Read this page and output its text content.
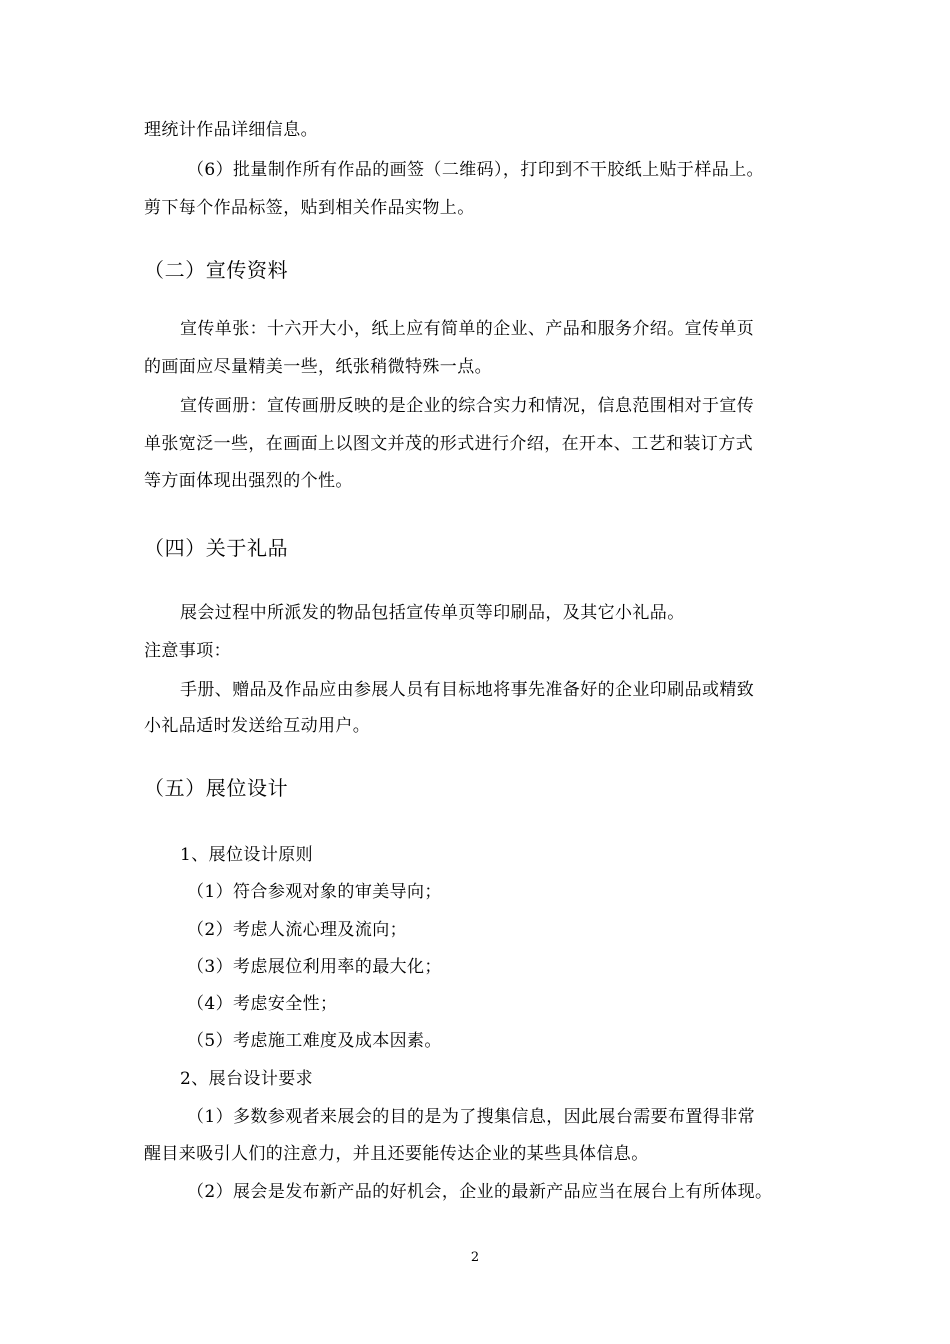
理统计作品详细信息。
（6）批量制作所有作品的画签（二维码），打印到不干胶纸上贴于样品上。
剪下每个作品标签，贴到相关作品实物上。
（二）宣传资料
宣传单张：十六开大小，纸上应有简单的企业、产品和服务介绍。宣传单页
的画面应尽量精美一些，纸张稍微特殊一点。
宣传画册：宣传画册反映的是企业的综合实力和情况，信息范围相对于宣传
单张宽泛一些，在画面上以图文并茂的形式进行介绍，在开本、工艺和装订方式
等方面体现出强烈的个性。
（四）关于礼品
展会过程中所派发的物品包括宣传单页等印刷品，及其它小礼品。
注意事项：
手册、赠品及作品应由参展人员有目标地将事先准备好的企业印刷品或精致
小礼品适时发送给互动用户。
（五）展位设计
1、展位设计原则
（1）符合参观对象的审美导向；
（2）考虑人流心理及流向；
（3）考虑展位利用率的最大化；
（4）考虑安全性；
（5）考虑施工难度及成本因素。
2、展台设计要求
（1）多数参观者来展会的目的是为了搜集信息，因此展台需要布置得非常
醒目来吸引人们的注意力，并且还要能传达企业的某些具体信息。
（2）展会是发布新产品的好机会，企业的最新产品应当在展台上有所体现。
2
